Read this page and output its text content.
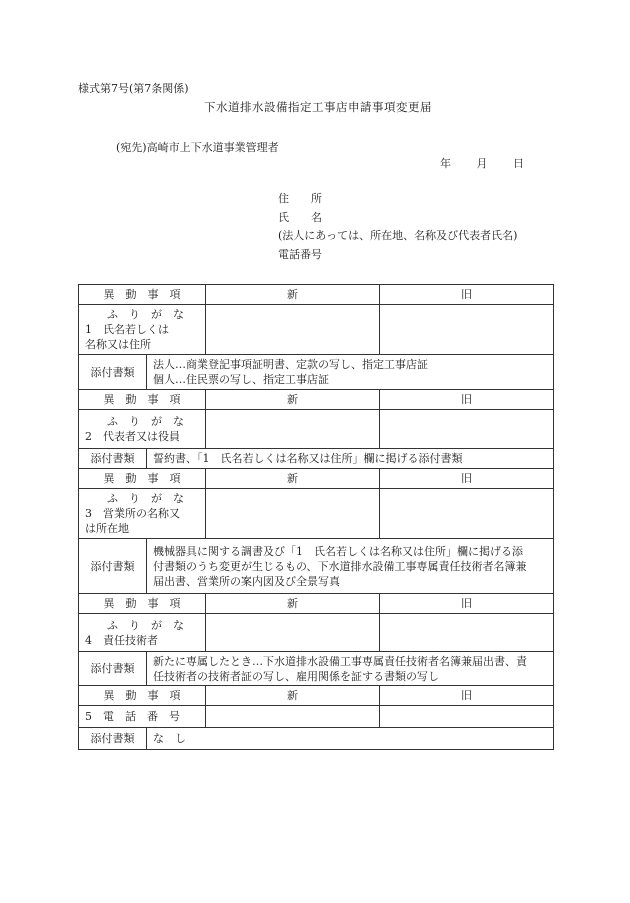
様式第7号(第7条関係)
下水道排水設備指定工事店申請事項変更届
(宛先)高崎市上下水道事業管理者
年 月 日
住　　所
氏　　名
(法人にあっては、所在地、名称及び代表者氏名)
電話番号
異　動　事　項		新	旧

ふ　り　が　な
1　氏名若しくは
名称又は住所			

添付書類	法人…商業登記事項証明書、定款の写し、指定工事店証
個人…住民票の写し、指定工事店証		

異　動　事　項		新	旧

ふ　り　が　な
2　代表者又は役員			

添付書類	誓約書、「1　氏名若しくは名称又は住所」欄に掲げる添付書類		

異　動　事　項		新	旧

ふ　り　が　な
3　営業所の名称又
は所在地			

添付書類	機械器具に関する調書及び「1　氏名若しくは名称又は住所」欄に掲げる添
付書類のうち変更が生じるもの、下水道排水設備工事専属責任技術者名簿兼
届出書、営業所の案内図及び全景写真		

異　動　事　項		新	旧

ふ　り　が　な
4　責任技術者			

添付書類	新たに専属したとき…下水道排水設備工事専属責任技術者名簿兼届出書、責
任技術者の技術者証の写し、雇用関係を証する書類の写し		

異　動　事　項		新	旧

5　電　話　番　号			

添付書類	な　し		
